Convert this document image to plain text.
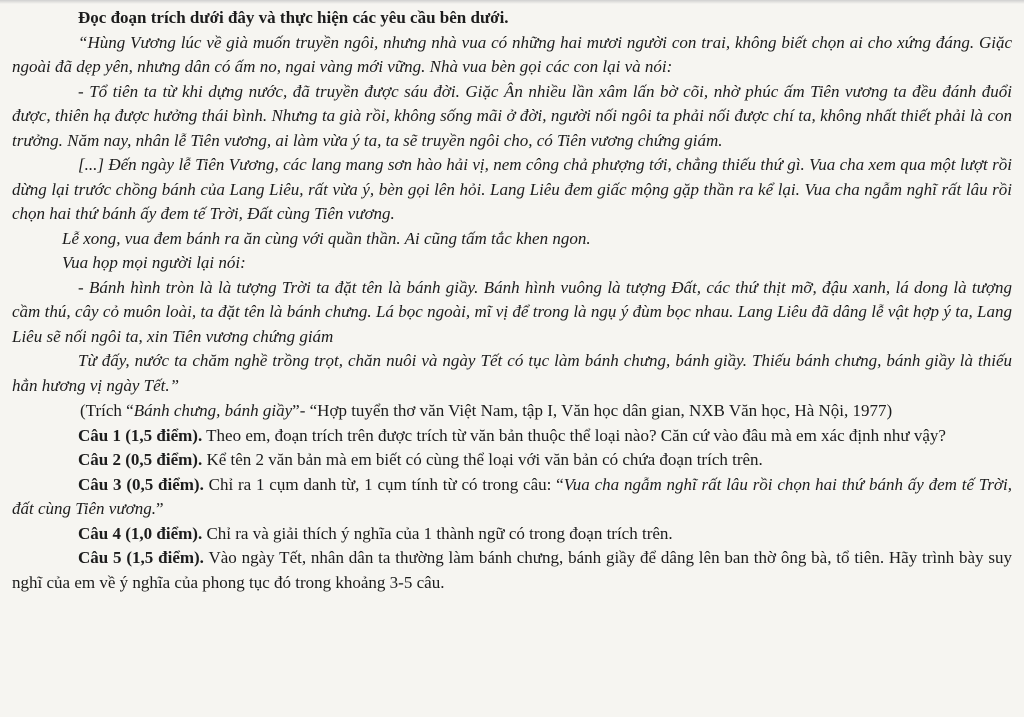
Đọc đoạn trích dưới đây và thực hiện các yêu cầu bên dưới.

“Hùng Vương lúc về già muốn truyền ngôi, nhưng nhà vua có những hai mươi người con trai, không biết chọn ai cho xứng đáng. Giặc ngoài đã dẹp yên, nhưng dân có ấm no, ngai vàng mới vững. Nhà vua bèn gọi các con lại và nói:

- Tổ tiên ta từ khi dựng nước, đã truyền được sáu đời. Giặc Ân nhiều lần xâm lấn bờ cõi, nhờ phúc ấm Tiên vương ta đều đánh đuổi được, thiên hạ được hưởng thái bình. Nhưng ta già rồi, không sống mãi ở đời, người nối ngôi ta phải nối được chí ta, không nhất thiết phải là con trưởng. Năm nay, nhân lễ Tiên vương, ai làm vừa ý ta, ta sẽ truyền ngôi cho, có Tiên vương chứng giám.

[...] Đến ngày lễ Tiên Vương, các lang mang sơn hào hải vị, nem công chả phượng tới, chẳng thiếu thứ gì. Vua cha xem qua một lượt rồi dừng lại trước chồng bánh của Lang Liêu, rất vừa ý, bèn gọi lên hỏi. Lang Liêu đem giấc mộng gặp thần ra kể lại. Vua cha ngẫm nghĩ rất lâu rồi chọn hai thứ bánh ấy đem tế Trời, Đất cùng Tiên vương.

Lễ xong, vua đem bánh ra ăn cùng với quần thần. Ai cũng tấm tắc khen ngon.

Vua họp mọi người lại nói:

- Bánh hình tròn là là tượng Trời ta đặt tên là bánh giầy. Bánh hình vuông là tượng Đất, các thứ thịt mỡ, đậu xanh, lá dong là tượng cầm thú, cây cỏ muôn loài, ta đặt tên là bánh chưng. Lá bọc ngoài, mĩ vị để trong là ngụ ý đùm bọc nhau. Lang Liêu đã dâng lễ vật hợp ý ta, Lang Liêu sẽ nối ngôi ta, xin Tiên vương chứng giám

Từ đấy, nước ta chăm nghề trồng trọt, chăn nuôi và ngày Tết có tục làm bánh chưng, bánh giầy. Thiếu bánh chưng, bánh giầy là thiếu hẳn hương vị ngày Tết.”

(Trích “Bánh chưng, bánh giầy”- “Hợp tuyển thơ văn Việt Nam, tập I, Văn học dân gian, NXB Văn học, Hà Nội, 1977)

Câu 1 (1,5 điểm). Theo em, đoạn trích trên được trích từ văn bản thuộc thể loại nào? Căn cứ vào đâu mà em xác định như vậy?

Câu 2 (0,5 điểm). Kể tên 2 văn bản mà em biết có cùng thể loại với văn bản có chứa đoạn trích trên.

Câu 3 (0,5 điểm). Chỉ ra 1 cụm danh từ, 1 cụm tính từ có trong câu: “Vua cha ngẫm nghĩ rất lâu rồi chọn hai thứ bánh ấy đem tế Trời, đất cùng Tiên vương.”

Câu 4 (1,0 điểm). Chỉ ra và giải thích ý nghĩa của 1 thành ngữ có trong đoạn trích trên.

Câu 5 (1,5 điểm). Vào ngày Tết, nhân dân ta thường làm bánh chưng, bánh giầy để dâng lên ban thờ ông bà, tổ tiên. Hãy trình bày suy nghĩ của em về ý nghĩa của phong tục đó trong khoảng 3-5 câu.
